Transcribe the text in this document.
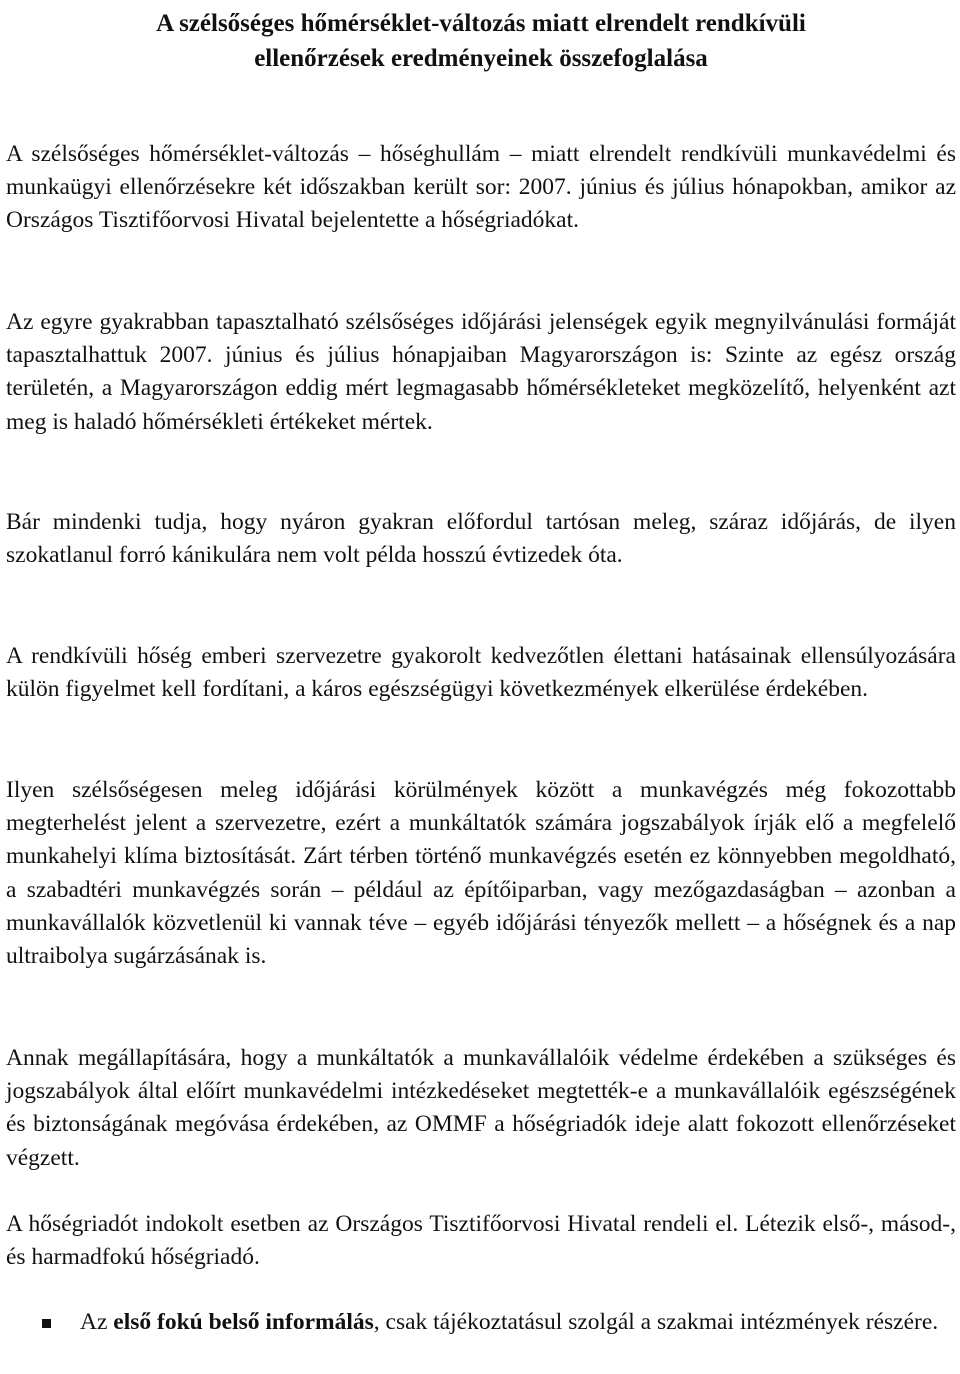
A szélsőséges hőmérséklet-változás miatt elrendelt rendkívüli
ellenőrzések eredményeinek összefoglalása

A szélsőséges hőmérséklet-változás – hőséghullám – miatt elrendelt rendkívüli munkavédelmi és munkaügyi ellenőrzésekre két időszakban került sor: 2007. június és július hónapokban, amikor az Országos Tisztifőorvosi Hivatal bejelentette a hőségriadókat.

Az egyre gyakrabban tapasztalható szélsőséges időjárási jelenségek egyik megnyilvánulási formáját tapasztalhattuk 2007. június és július hónapjaiban Magyarországon is: Szinte az egész ország területén, a Magyarországon eddig mért legmagasabb hőmérsékleteket megközelítő, helyenként azt meg is haladó hőmérsékleti értékeket mértek.

Bár mindenki tudja, hogy nyáron gyakran előfordul tartósan meleg, száraz időjárás, de ilyen szokatlanul forró kánikulára nem volt példa hosszú évtizedek óta.

A rendkívüli hőség emberi szervezetre gyakorolt kedvezőtlen élettani hatásainak ellensúlyozására külön figyelmet kell fordítani, a káros egészségügyi következmények elkerülése érdekében.

Ilyen szélsőségesen meleg időjárási körülmények között a munkavégzés még fokozottabb megterhelést jelent a szervezetre, ezért a munkáltatók számára jogszabályok írják elő a megfelelő munkahelyi klíma biztosítását. Zárt térben történő munkavégzés esetén ez könnyebben megoldható, a szabadtéri munkavégzés során – például az építőiparban, vagy mezőgazdaságban – azonban a munkavállalók közvetlenül ki vannak téve – egyéb időjárási tényezők mellett – a hőségnek és a nap ultraibolya sugárzásának is.

Annak megállapítására, hogy a munkáltatók a munkavállalóik védelme érdekében a szükséges és jogszabályok által előírt munkavédelmi intézkedéseket megtették-e a munkavállalóik egészségének és biztonságának megóvása érdekében, az OMMF a hőségriadók ideje alatt fokozott ellenőrzéseket végzett.

A hőségriadót indokolt esetben az Országos Tisztifőorvosi Hivatal rendeli el. Létezik első-, másod-, és harmadfokú hőségriadó.

Az első fokú belső informálás, csak tájékoztatásul szolgál a szakmai intézmények részére.
